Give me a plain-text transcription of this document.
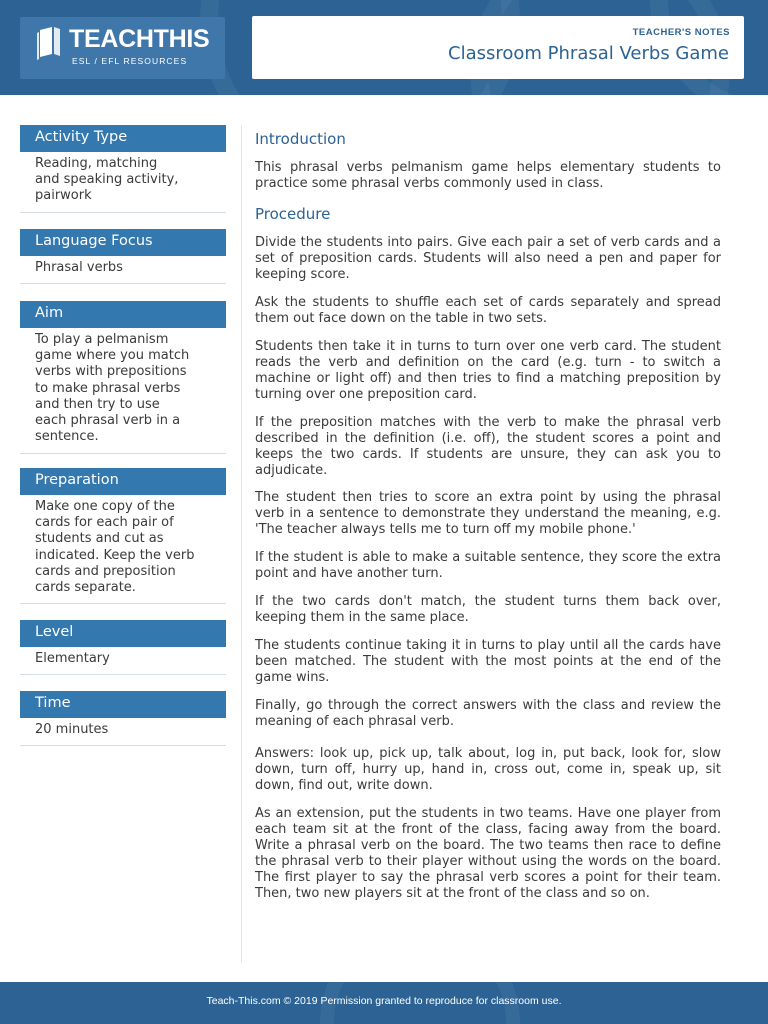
TEACHTHIS
ESL / EFL RESOURCES
TEACHER'S NOTES
Classroom Phrasal Verbs Game
Activity Type
Reading, matching
and speaking activity,
pairwork
Language Focus
Phrasal verbs
Aim
To play a pelmanism
game where you match
verbs with prepositions
to make phrasal verbs
and then try to use
each phrasal verb in a
sentence.
Preparation
Make one copy of the
cards for each pair of
students and cut as
indicated. Keep the verb
cards and preposition
cards separate.
Level
Elementary
Time
20 minutes
Introduction
This phrasal verbs pelmanism game helps elementary students to practice some phrasal verbs commonly used in class.
Procedure
Divide the students into pairs. Give each pair a set of verb cards and a set of preposition cards. Students will also need a pen and paper for keeping score.
Ask the students to shuffle each set of cards separately and spread them out face down on the table in two sets.
Students then take it in turns to turn over one verb card. The student reads the verb and definition on the card (e.g. turn - to switch a machine or light off) and then tries to find a matching preposition by turning over one preposition card.
If the preposition matches with the verb to make the phrasal verb described in the definition (i.e. off), the student scores a point and keeps the two cards. If students are unsure, they can ask you to adjudicate.
The student then tries to score an extra point by using the phrasal verb in a sentence to demonstrate they understand the meaning, e.g. 'The teacher always tells me to turn off my mobile phone.'
If the student is able to make a suitable sentence, they score the extra point and have another turn.
If the two cards don't match, the student turns them back over, keeping them in the same place.
The students continue taking it in turns to play until all the cards have been matched. The student with the most points at the end of the game wins.
Finally, go through the correct answers with the class and review the meaning of each phrasal verb.
Answers: look up, pick up, talk about, log in, put back, look for, slow down, turn off, hurry up, hand in, cross out, come in, speak up, sit down, find out, write down.
As an extension, put the students in two teams. Have one player from each team sit at the front of the class, facing away from the board. Write a phrasal verb on the board. The two teams then race to define the phrasal verb to their player without using the words on the board. The first player to say the phrasal verb scores a point for their team. Then, two new players sit at the front of the class and so on.
Teach-This.com © 2019 Permission granted to reproduce for classroom use.
